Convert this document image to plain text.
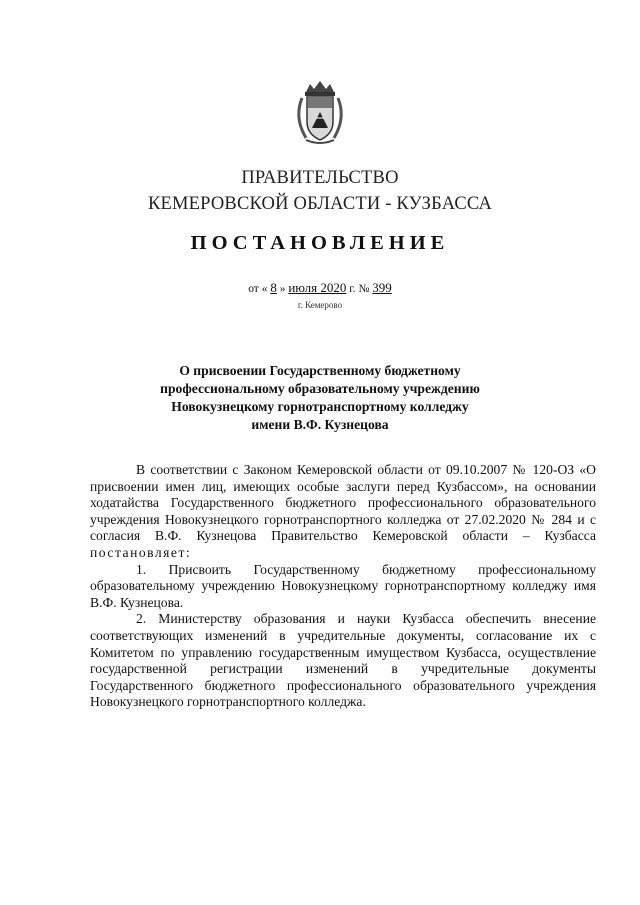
ПРАВИТЕЛЬСТВО
КЕМЕРОВСКОЙ ОБЛАСТИ - КУЗБАССА
ПОСТАНОВЛЕНИЕ
от « 8 » июля 2020 г. № 399
г. Кемерово
О присвоении Государственному бюджетному
профессиональному образовательному учреждению
Новокузнецкому горнотранспортному колледжу
имени В.Ф. Кузнецова

В соответствии с Законом Кемеровской области от 09.10.2007 № 120-ОЗ «О присвоении имен лиц, имеющих особые заслуги перед Кузбассом», на основании ходатайства Государственного бюджетного профессионального образовательного учреждения Новокузнецкого горнотранспортного колледжа от 27.02.2020 № 284 и с согласия В.Ф. Кузнецова Правительство Кемеровской области – Кузбасса постановляет:

1. Присвоить Государственному бюджетному профессиональному образовательному учреждению Новокузнецкому горнотранспортному колледжу имя В.Ф. Кузнецова.

2. Министерству образования и науки Кузбасса обеспечить внесение соответствующих изменений в учредительные документы, согласование их с Комитетом по управлению государственным имуществом Кузбасса, осуществление государственной регистрации изменений в учредительные документы Государственного бюджетного профессионального образовательного учреждения Новокузнецкого горнотранспортного колледжа.
